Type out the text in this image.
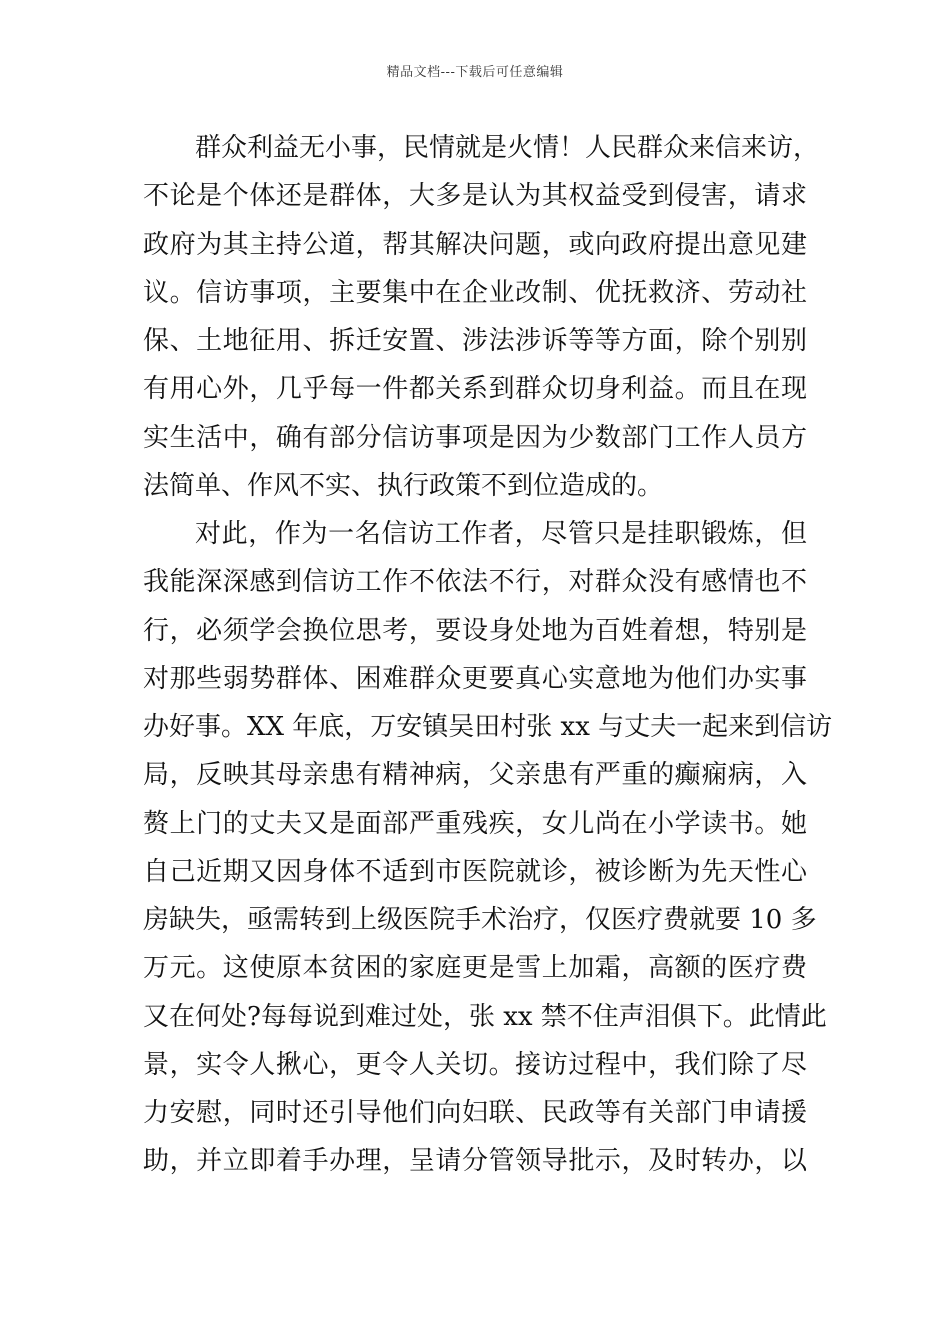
精品文档---下载后可任意编辑
群众利益无小事，民情就是火情！人民群众来信来访，
不论是个体还是群体，大多是认为其权益受到侵害，请求
政府为其主持公道，帮其解决问题，或向政府提出意见建
议。信访事项，主要集中在企业改制、优抚救济、劳动社
保、土地征用、拆迁安置、涉法涉诉等等方面，除个别别
有用心外，几乎每一件都关系到群众切身利益。而且在现
实生活中，确有部分信访事项是因为少数部门工作人员方
法简单、作风不实、执行政策不到位造成的。
对此，作为一名信访工作者，尽管只是挂职锻炼，但
我能深深感到信访工作不依法不行，对群众没有感情也不
行，必须学会换位思考，要设身处地为百姓着想，特别是
对那些弱势群体、困难群众更要真心实意地为他们办实事
办好事。XX 年底，万安镇吴田村张 xx 与丈夫一起来到信访
局，反映其母亲患有精神病，父亲患有严重的癫痫病，入
赘上门的丈夫又是面部严重残疾，女儿尚在小学读书。她
自己近期又因身体不适到市医院就诊，被诊断为先天性心
房缺失，亟需转到上级医院手术治疗，仅医疗费就要 10 多
万元。这使原本贫困的家庭更是雪上加霜，高额的医疗费
又在何处?每每说到难过处，张 xx 禁不住声泪俱下。此情此
景，实令人揪心，更令人关切。接访过程中，我们除了尽
力安慰，同时还引导他们向妇联、民政等有关部门申请援
助，并立即着手办理，呈请分管领导批示，及时转办，以
